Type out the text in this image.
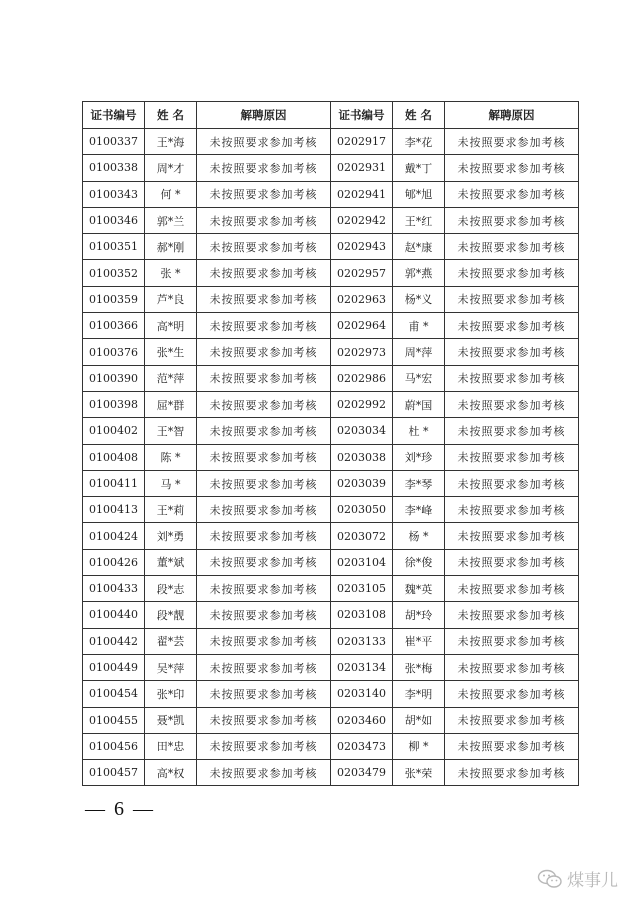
证书编号	姓 名	解聘原因	证书编号	姓 名	解聘原因
0100337	王*海	未按照要求参加考核	0202917	李*花	未按照要求参加考核
0100338	周*才	未按照要求参加考核	0202931	戴*丁	未按照要求参加考核
0100343	何 *	未按照要求参加考核	0202941	郇*旭	未按照要求参加考核
0100346	郭*兰	未按照要求参加考核	0202942	王*红	未按照要求参加考核
0100351	郝*刚	未按照要求参加考核	0202943	赵*康	未按照要求参加考核
0100352	张 *	未按照要求参加考核	0202957	郭*燕	未按照要求参加考核
0100359	芦*良	未按照要求参加考核	0202963	杨*义	未按照要求参加考核
0100366	高*明	未按照要求参加考核	0202964	甫 *	未按照要求参加考核
0100376	张*生	未按照要求参加考核	0202973	周*萍	未按照要求参加考核
0100390	范*萍	未按照要求参加考核	0202986	马*宏	未按照要求参加考核
0100398	屈*群	未按照要求参加考核	0202992	蔚*国	未按照要求参加考核
0100402	王*智	未按照要求参加考核	0203034	杜 *	未按照要求参加考核
0100408	陈 *	未按照要求参加考核	0203038	刘*珍	未按照要求参加考核
0100411	马 *	未按照要求参加考核	0203039	李*琴	未按照要求参加考核
0100413	王*莉	未按照要求参加考核	0203050	李*峰	未按照要求参加考核
0100424	刘*勇	未按照要求参加考核	0203072	杨 *	未按照要求参加考核
0100426	董*斌	未按照要求参加考核	0203104	徐*俊	未按照要求参加考核
0100433	段*志	未按照要求参加考核	0203105	魏*英	未按照要求参加考核
0100440	段*靓	未按照要求参加考核	0203108	胡*玲	未按照要求参加考核
0100442	翟*芸	未按照要求参加考核	0203133	崔*平	未按照要求参加考核
0100449	吴*萍	未按照要求参加考核	0203134	张*梅	未按照要求参加考核
0100454	张*印	未按照要求参加考核	0203140	李*明	未按照要求参加考核
0100455	聂*凯	未按照要求参加考核	0203460	胡*如	未按照要求参加考核
0100456	田*忠	未按照要求参加考核	0203473	柳 *	未按照要求参加考核
0100457	高*权	未按照要求参加考核	0203479	张*荣	未按照要求参加考核
— 6 —
煤事儿
